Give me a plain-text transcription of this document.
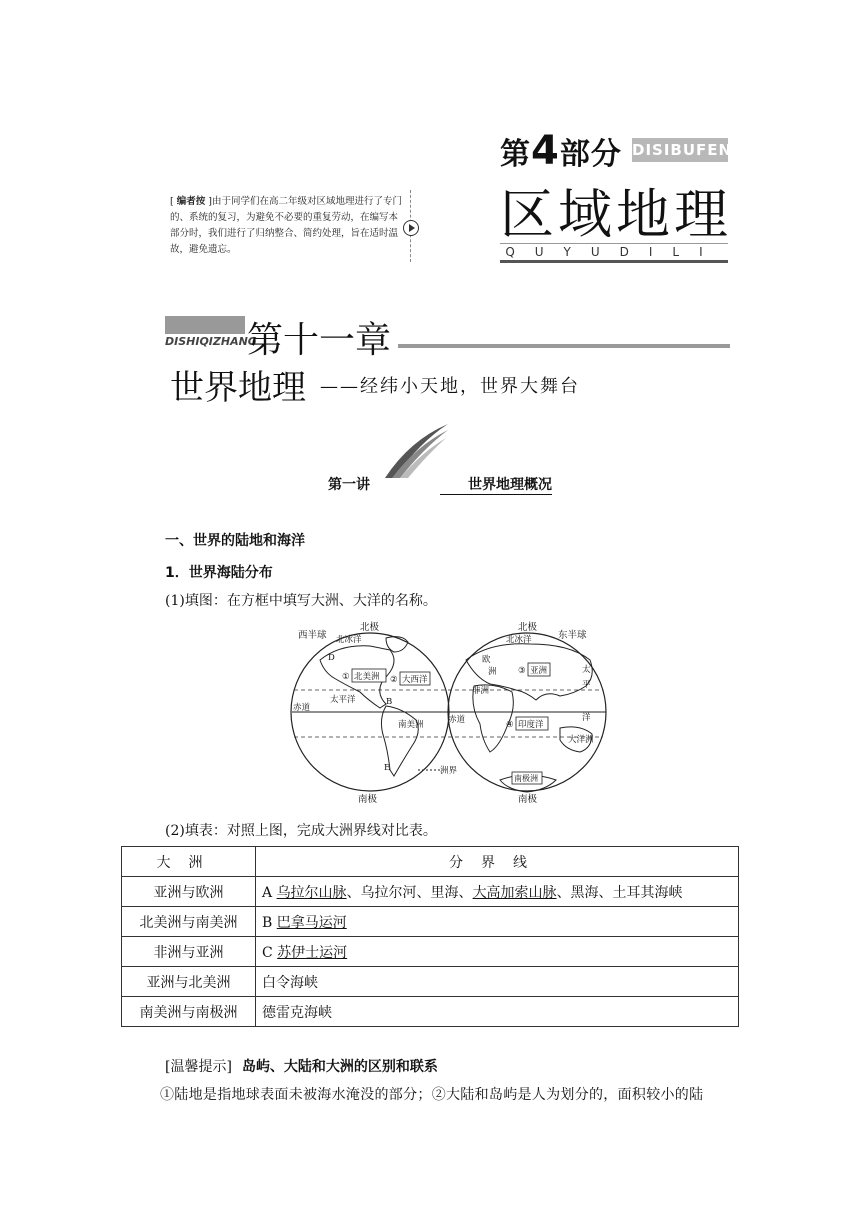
第4部分 DISIBUFEN
区域地理
QUYUDILI
[ 编者按 ]由于同学们在高二年级对区域地理进行了专门的、系统的复习，为避免不必要的重复劳动，在编写本部分时，我们进行了归纳整合、简约处理，旨在适时温故，避免遗忘。
DISHIQIZHANG
第十一章
世界地理 ——经纬小天地，世界大舞台
第一讲	世界地理概况
一、世界的陆地和海洋
1．世界海陆分布
(1)填图：在方框中填写大洲、大洋的名称。
北极	北极
西半球	东半球
北冰洋	北冰洋
D
① 北美洲 ② 大西洋
太平洋	B
赤道
赤道
南美洲
E	洲界
南极	南极
欧
洲	③ 亚洲
非洲
太
平
洋
④ 印度洋
大洋洲
南极洲
(2)填表：对照上图，完成大洲界线对比表。
大洲	分界线
亚洲与欧洲	A 乌拉尔山脉、乌拉尔河、里海、大高加索山脉、黑海、土耳其海峡
北美洲与南美洲	B 巴拿马运河
非洲与亚洲	C 苏伊士运河
亚洲与北美洲	白令海峡
南美洲与南极洲	德雷克海峡
[温馨提示] 岛屿、大陆和大洲的区别和联系
①陆地是指地球表面未被海水淹没的部分；②大陆和岛屿是人为划分的，面积较小的陆
